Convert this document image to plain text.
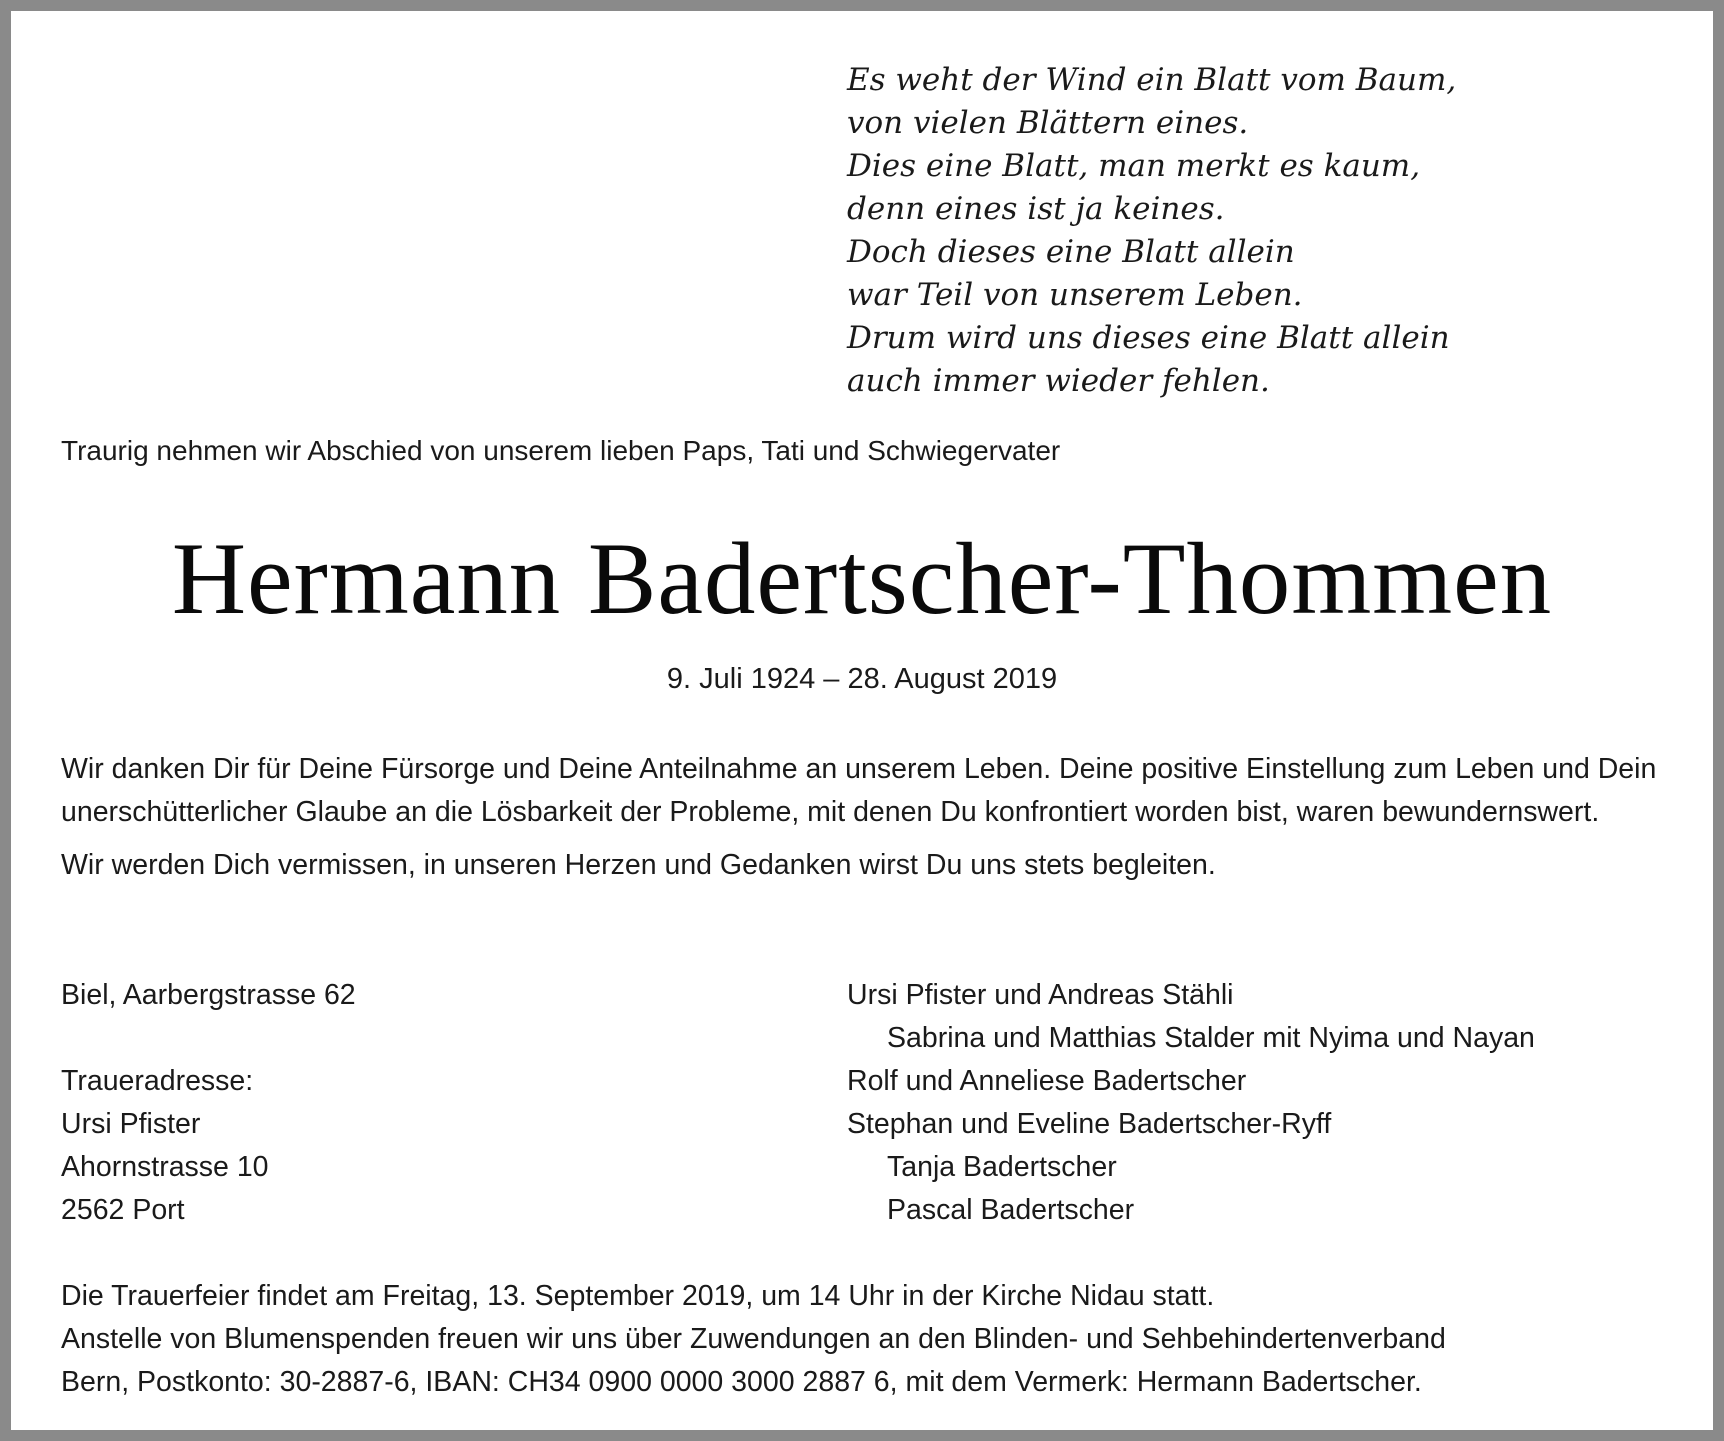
Es weht der Wind ein Blatt vom Baum,
von vielen Blättern eines.
Dies eine Blatt, man merkt es kaum,
denn eines ist ja keines.
Doch dieses eine Blatt allein
war Teil von unserem Leben.
Drum wird uns dieses eine Blatt allein
auch immer wieder fehlen.
Traurig nehmen wir Abschied von unserem lieben Paps, Tati und Schwiegervater
Hermann Badertscher-Thommen
9. Juli 1924 – 28. August 2019

Wir danken Dir für Deine Fürsorge und Deine Anteilnahme an unserem Leben. Deine positive Einstellung zum Leben und Dein unerschütterlicher Glaube an die Lösbarkeit der Probleme, mit denen Du konfrontiert worden bist, waren bewundernswert.

Wir werden Dich vermissen, in unseren Herzen und Gedanken wirst Du uns stets begleiten.

Biel, Aarbergstrasse 62
Traueradresse:
Ursi Pfister
Ahornstrasse 10
2562 Port
Ursi Pfister und Andreas Stähli
Sabrina und Matthias Stalder mit Nyima und Nayan
Rolf und Anneliese Badertscher
Stephan und Eveline Badertscher-Ryff
Tanja Badertscher
Pascal Badertscher
Die Trauerfeier findet am Freitag, 13. September 2019, um 14 Uhr in der Kirche Nidau statt.
Anstelle von Blumenspenden freuen wir uns über Zuwendungen an den Blinden- und Sehbehindertenverband
Bern, Postkonto: 30-2887-6, IBAN: CH34 0900 0000 3000 2887 6, mit dem Vermerk: Hermann Badertscher.
